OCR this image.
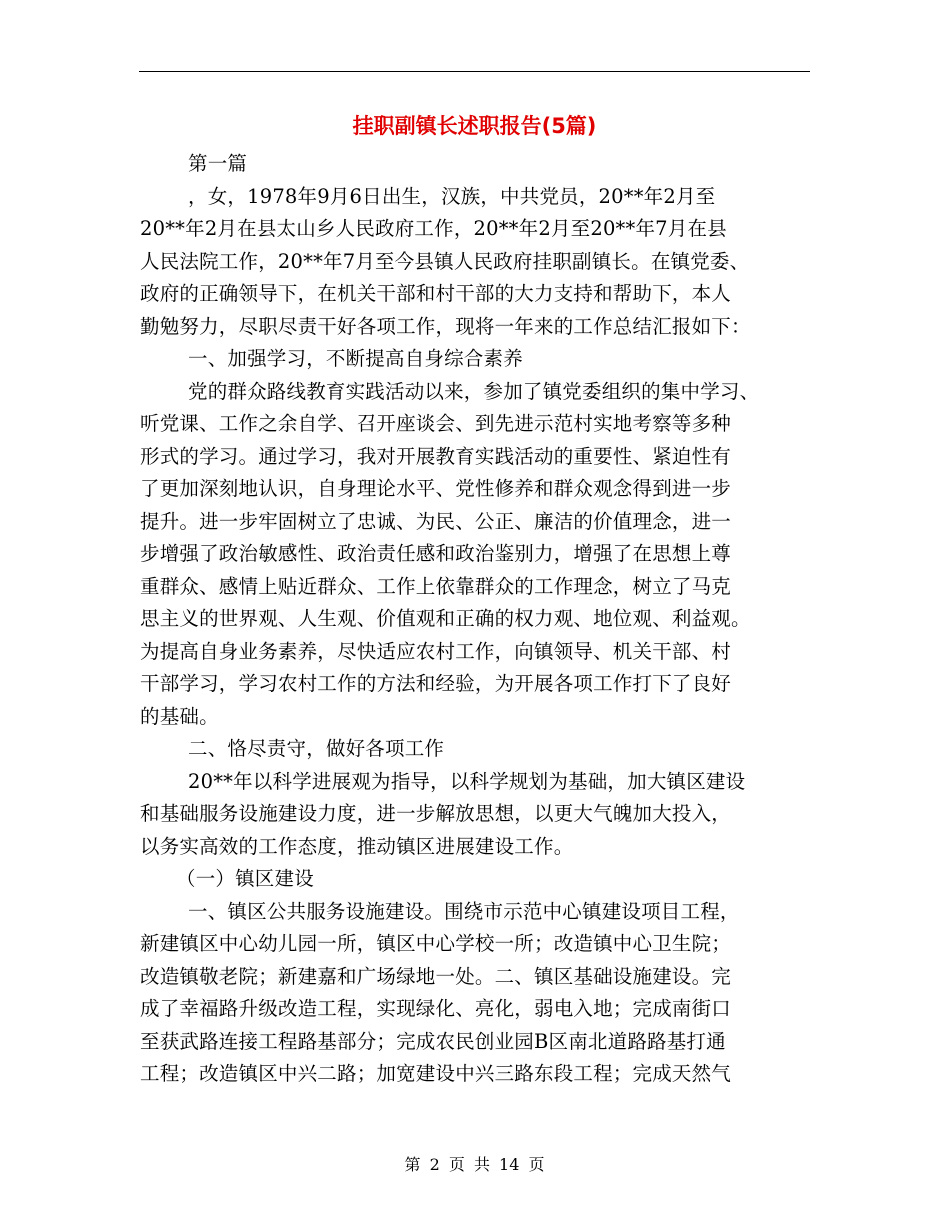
挂职副镇长述职报告(5篇)
第一篇
，女，1978年9月6日出生，汉族，中共党员，20**年2月至
20**年2月在县太山乡人民政府工作，20**年2月至20**年7月在县
人民法院工作，20**年7月至今县镇人民政府挂职副镇长。在镇党委、
政府的正确领导下，在机关干部和村干部的大力支持和帮助下，本人
勤勉努力，尽职尽责干好各项工作，现将一年来的工作总结汇报如下：
一、加强学习，不断提高自身综合素养
党的群众路线教育实践活动以来，参加了镇党委组织的集中学习、
听党课、工作之余自学、召开座谈会、到先进示范村实地考察等多种
形式的学习。通过学习，我对开展教育实践活动的重要性、紧迫性有
了更加深刻地认识，自身理论水平、党性修养和群众观念得到进一步
提升。进一步牢固树立了忠诚、为民、公正、廉洁的价值理念，进一
步增强了政治敏感性、政治责任感和政治鉴别力，增强了在思想上尊
重群众、感情上贴近群众、工作上依靠群众的工作理念，树立了马克
思主义的世界观、人生观、价值观和正确的权力观、地位观、利益观。
为提高自身业务素养，尽快适应农村工作，向镇领导、机关干部、村
干部学习，学习农村工作的方法和经验，为开展各项工作打下了良好
的基础。
二、恪尽责守，做好各项工作
20**年以科学进展观为指导，以科学规划为基础，加大镇区建设
和基础服务设施建设力度，进一步解放思想，以更大气魄加大投入，
以务实高效的工作态度，推动镇区进展建设工作。
（一）镇区建设
一、镇区公共服务设施建设。围绕市示范中心镇建设项目工程，
新建镇区中心幼儿园一所，镇区中心学校一所；改造镇中心卫生院；
改造镇敬老院；新建嘉和广场绿地一处。二、镇区基础设施建设。完
成了幸福路升级改造工程，实现绿化、亮化，弱电入地；完成南街口
至获武路连接工程路基部分；完成农民创业园B区南北道路路基打通
工程；改造镇区中兴二路；加宽建设中兴三路东段工程；完成天然气
第 2 页 共 14 页
